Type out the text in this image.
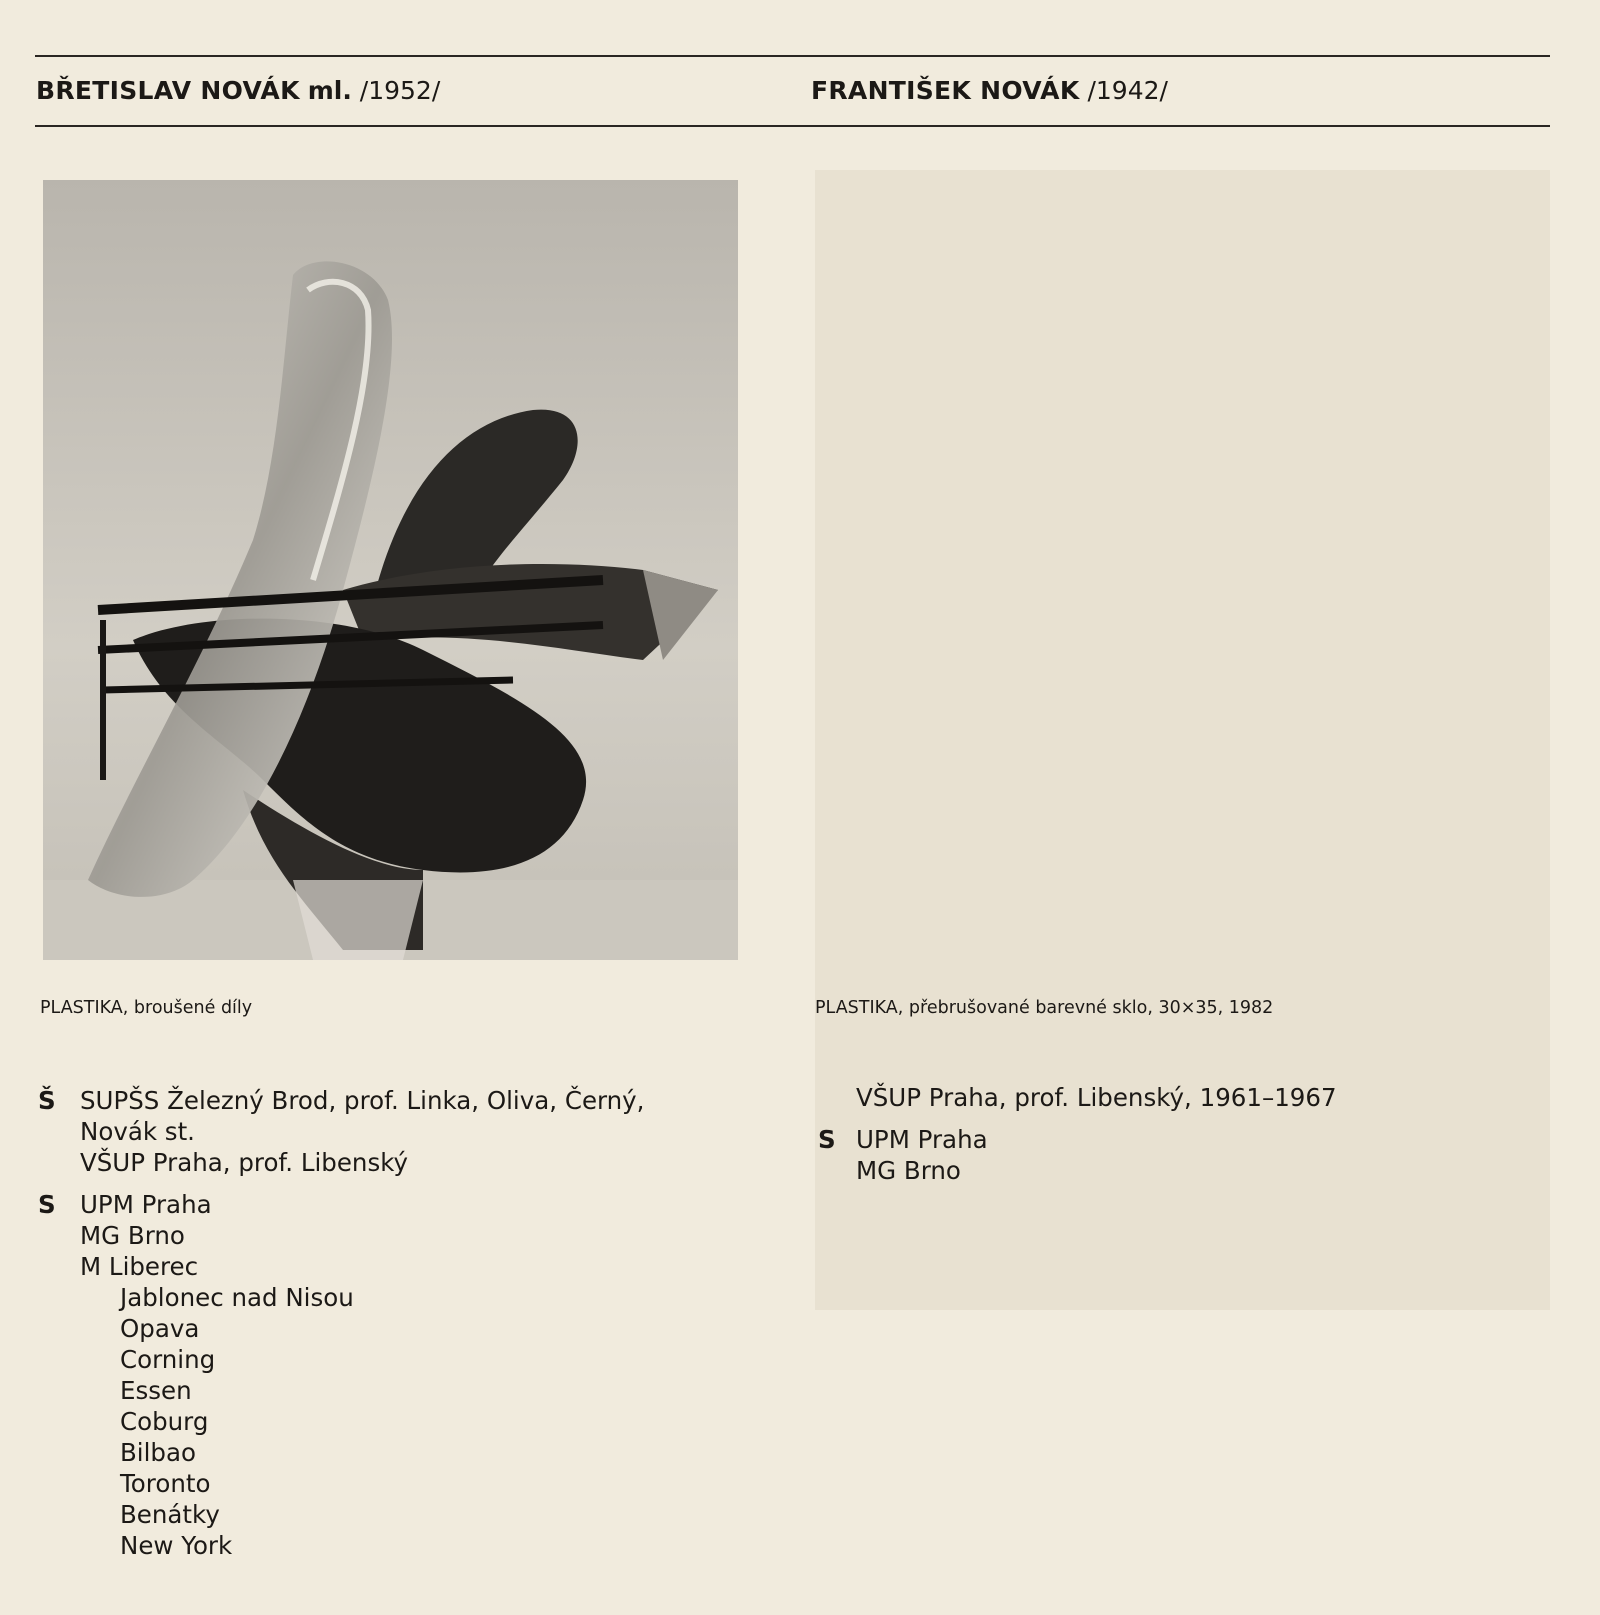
BŘETISLAV NOVÁK ml. /1952/	FRANTIŠEK NOVÁK /1942/
PLASTIKA, broušené díly	PLASTIKA, přebrušované barevné sklo, 30×35, 1982
Š SUPŠS Železný Brod, prof. Linka, Oliva, Černý,
Novák st.
VŠUP Praha, prof. Libenský
S UPM Praha
MG Brno
M Liberec
Jablonec nad Nisou
Opava
Corning
Essen
Coburg
Bilbao
Toronto
Benátky
New York
VŠUP Praha, prof. Libenský, 1961–1967
S UPM Praha
MG Brno
